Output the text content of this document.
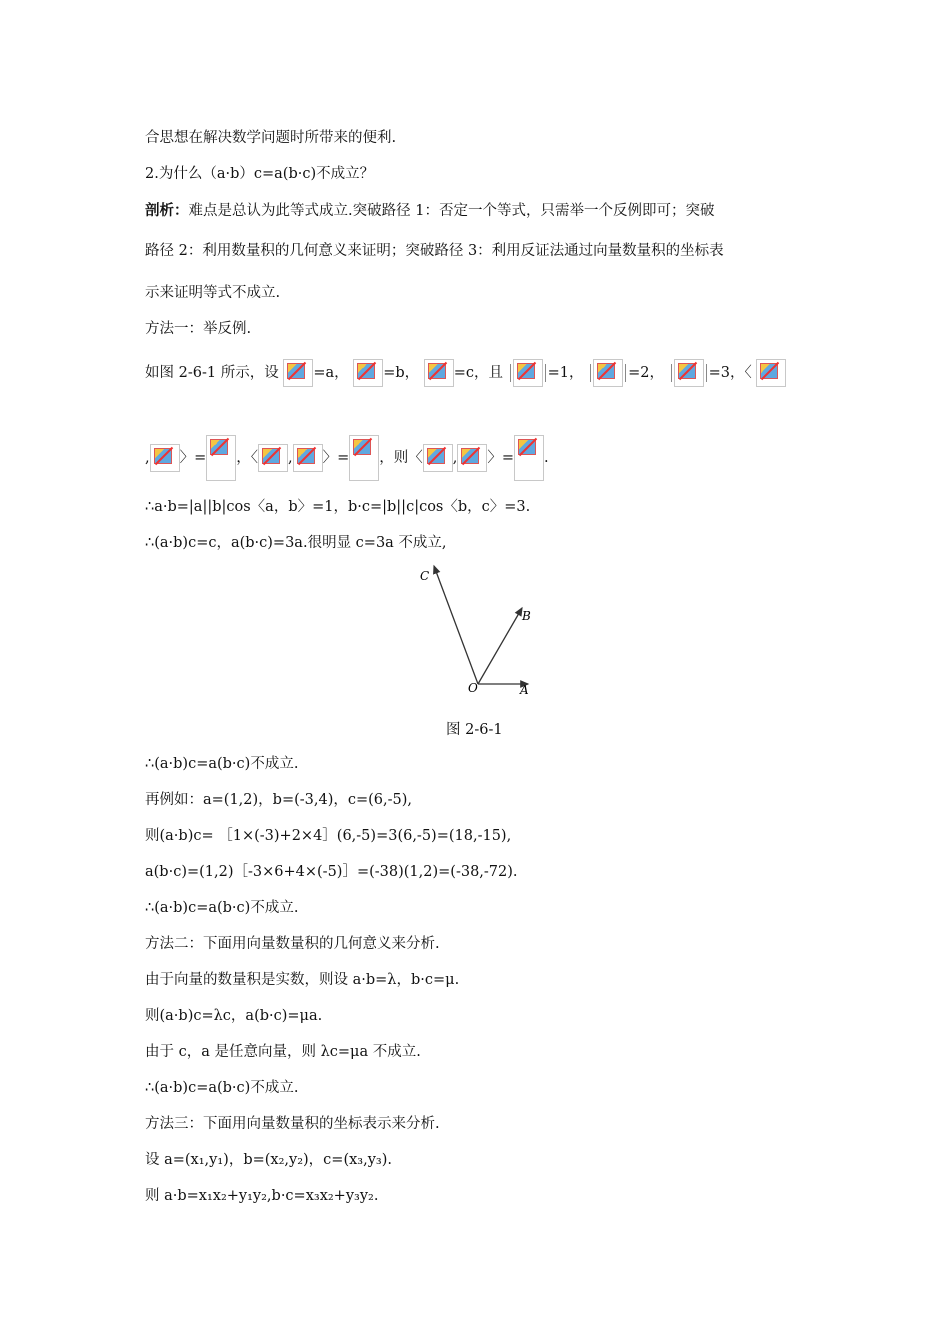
合思想在解决数学问题时所带来的便利.
2.为什么（a·b）c=a(b·c)不成立？
剖析：难点是总认为此等式成立.突破路径 1：否定一个等式，只需举一个反例即可；突破
路径 2：利用数量积的几何意义来证明；突破路径 3：利用反证法通过向量数量积的坐标表
示来证明等式不成立.
方法一：举反例.
如图 2-6-1 所示，设 =a， =b， =c，且	=1，	=2，	=3，〈
, 〉= ，〈 , 〉= ，则〈 , 〉= .
∴a·b=|a||b|cos〈a，b〉=1，b·c=|b||c|cos〈b，c〉=3.
∴(a·b)c=c，a(b·c)=3a.很明显 c=3a 不成立,
C
B
O	A
图 2-6-1
∴(a·b)c=a(b·c)不成立.
再例如：a=(1,2)，b=(-3,4)，c=(6,-5),
则(a·b)c= ［1×(-3)+2×4］(6,-5)=3(6,-5)=(18,-15),
a(b·c)=(1,2)［-3×6+4×(-5)］=(-38)(1,2)=(-38,-72).
∴(a·b)c=a(b·c)不成立.
方法二：下面用向量数量积的几何意义来分析.
由于向量的数量积是实数，则设 a·b=λ，b·c=μ.
则(a·b)c=λc，a(b·c)=μa.
由于 c，a 是任意向量，则 λc=μa 不成立.
∴(a·b)c=a(b·c)不成立.
方法三：下面用向量数量积的坐标表示来分析.
设 a=(x₁,y₁)，b=(x₂,y₂)，c=(x₃,y₃).
则 a·b=x₁x₂+y₁y₂,b·c=x₃x₂+y₃y₂.
